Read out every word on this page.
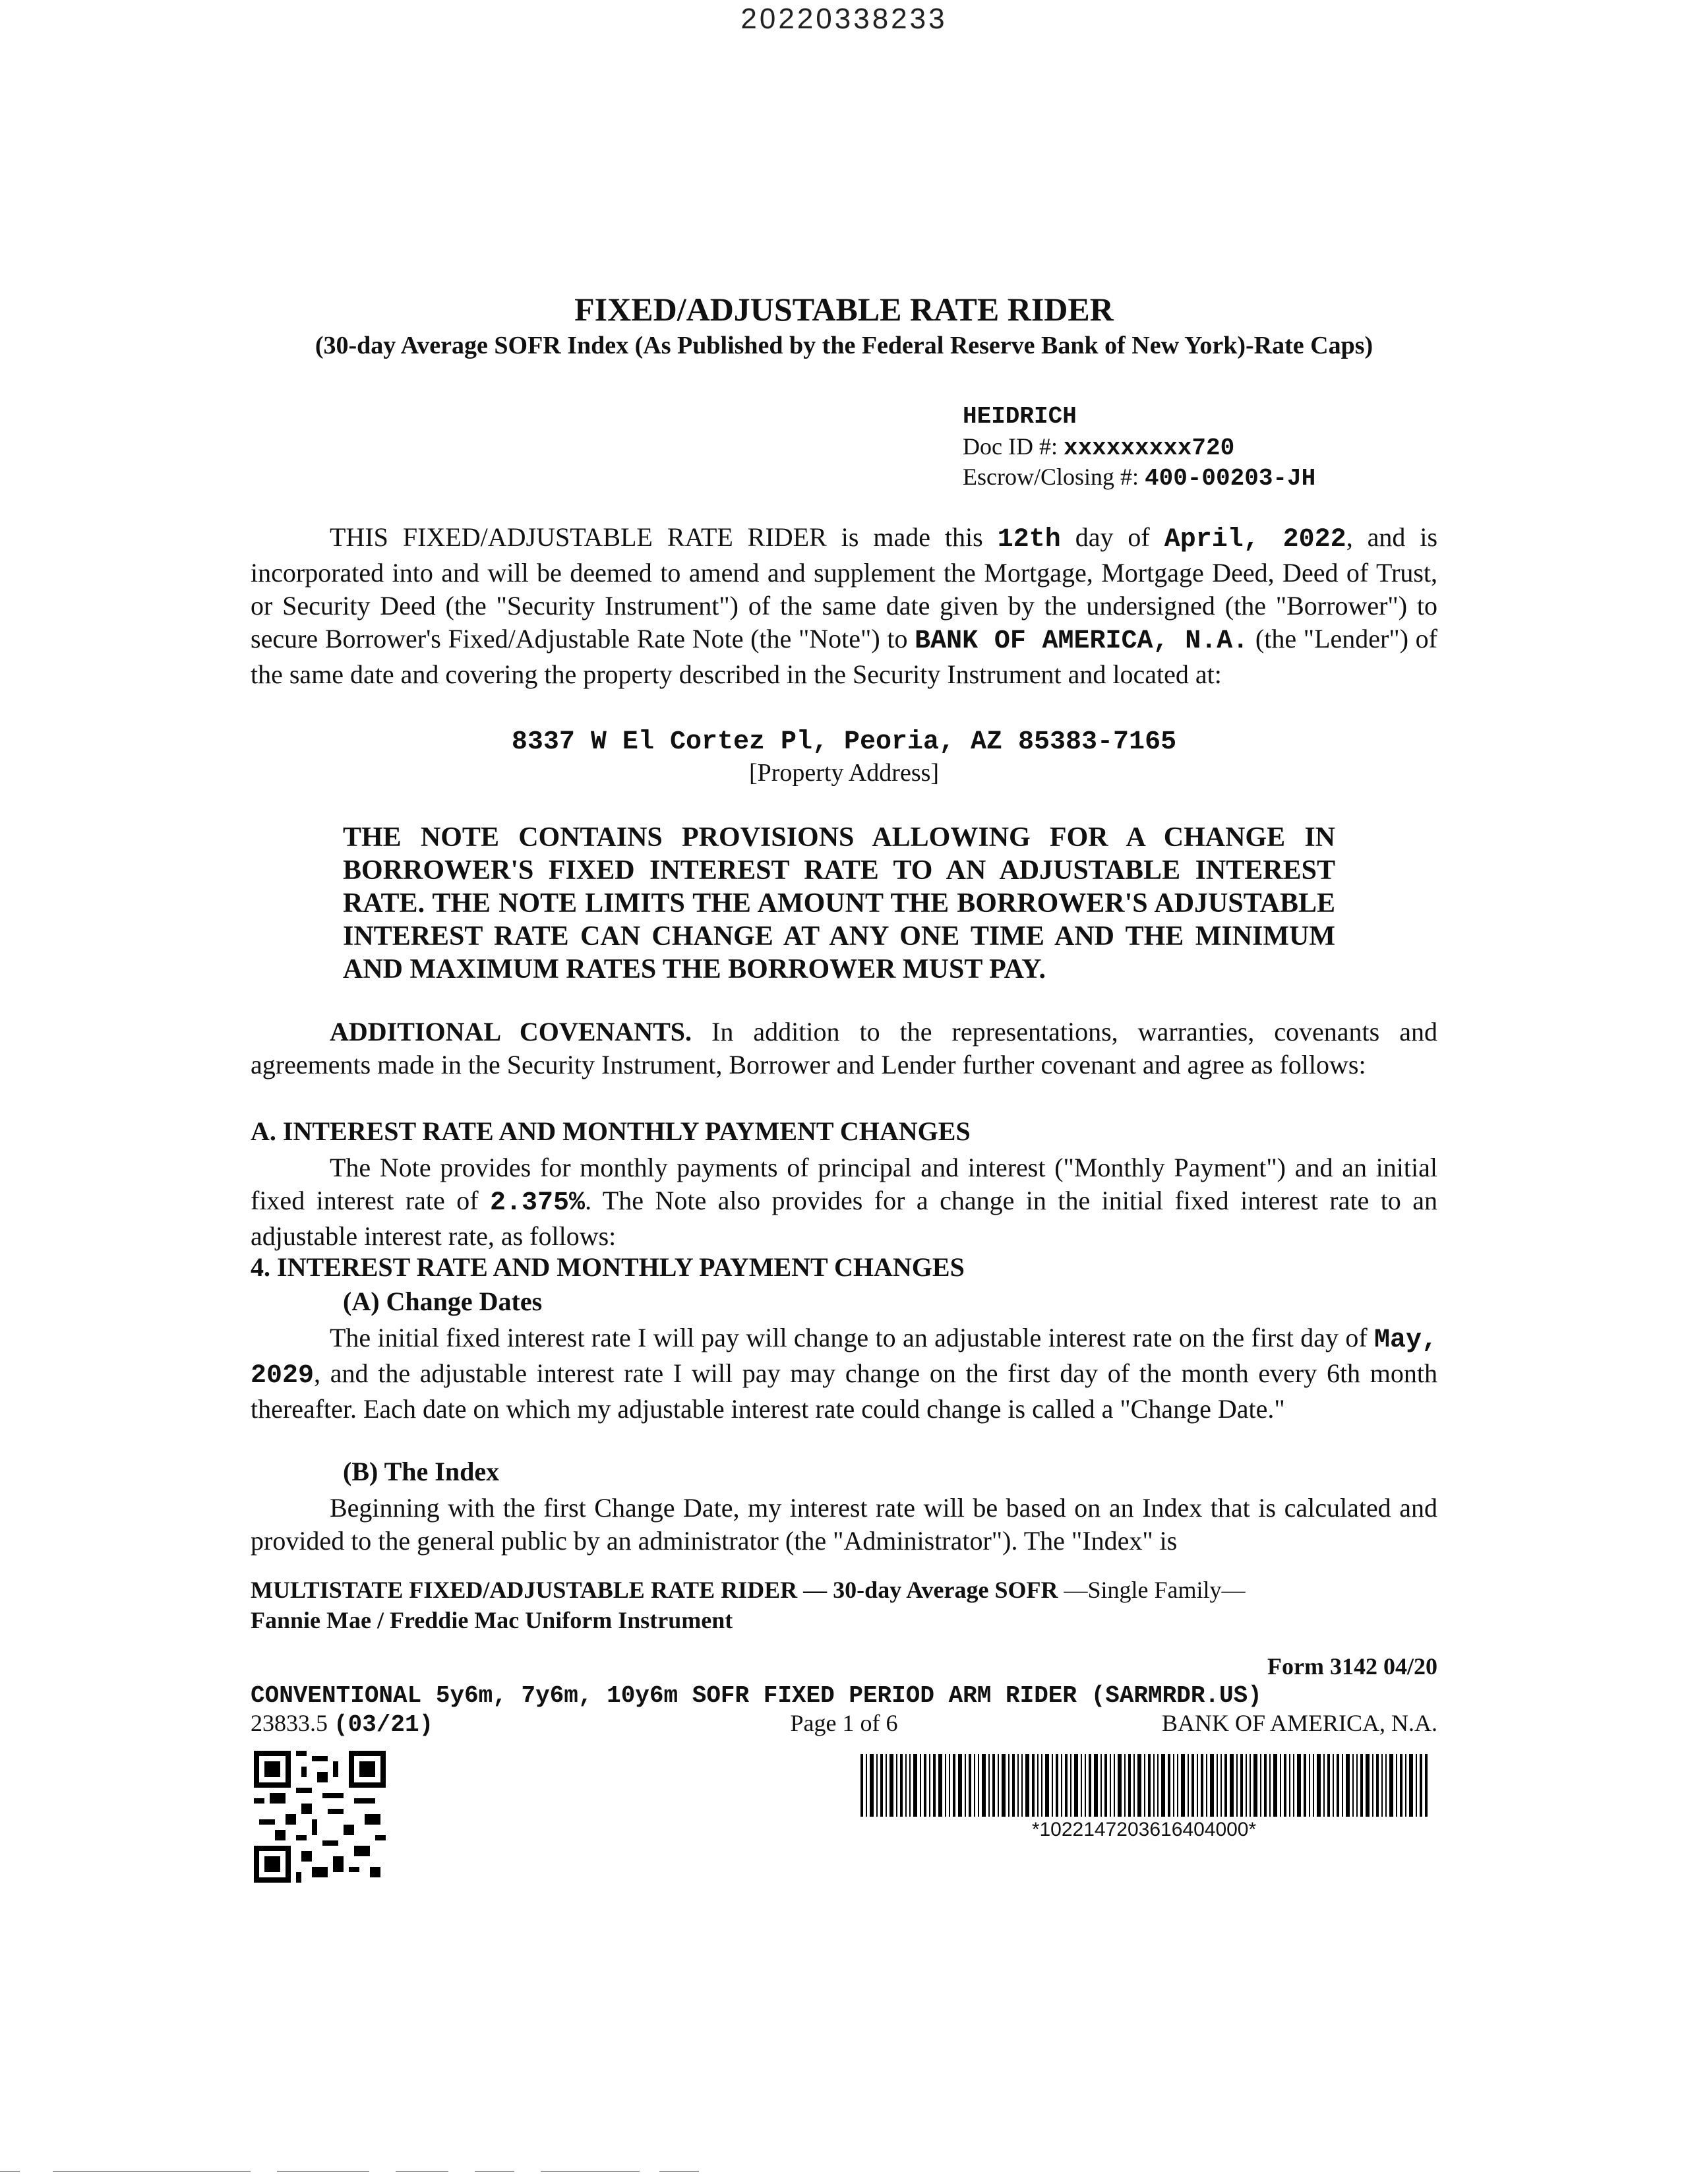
20220338233
FIXED/ADJUSTABLE RATE RIDER
(30-day Average SOFR Index (As Published by the Federal Reserve Bank of New York)-Rate Caps)
HEIDRICH
Doc ID #: xxxxxxxxx720
Escrow/Closing #: 400-00203-JH
THIS FIXED/ADJUSTABLE RATE RIDER is made this 12th day of April, 2022, and is incorporated into and will be deemed to amend and supplement the Mortgage, Mortgage Deed, Deed of Trust, or Security Deed (the "Security Instrument") of the same date given by the undersigned (the "Borrower") to secure Borrower's Fixed/Adjustable Rate Note (the "Note") to BANK OF AMERICA, N.A. (the "Lender") of the same date and covering the property described in the Security Instrument and located at:
8337 W El Cortez Pl, Peoria, AZ 85383-7165
[Property Address]
THE NOTE CONTAINS PROVISIONS ALLOWING FOR A CHANGE IN BORROWER'S FIXED INTEREST RATE TO AN ADJUSTABLE INTEREST RATE. THE NOTE LIMITS THE AMOUNT THE BORROWER'S ADJUSTABLE INTEREST RATE CAN CHANGE AT ANY ONE TIME AND THE MINIMUM AND MAXIMUM RATES THE BORROWER MUST PAY.
ADDITIONAL COVENANTS. In addition to the representations, warranties, covenants and agreements made in the Security Instrument, Borrower and Lender further covenant and agree as follows:
A. INTEREST RATE AND MONTHLY PAYMENT CHANGES
The Note provides for monthly payments of principal and interest ("Monthly Payment") and an initial fixed interest rate of 2.375%. The Note also provides for a change in the initial fixed interest rate to an adjustable interest rate, as follows:
4. INTEREST RATE AND MONTHLY PAYMENT CHANGES
(A) Change Dates
The initial fixed interest rate I will pay will change to an adjustable interest rate on the first day of May, 2029, and the adjustable interest rate I will pay may change on the first day of the month every 6th month thereafter. Each date on which my adjustable interest rate could change is called a "Change Date."
(B) The Index
Beginning with the first Change Date, my interest rate will be based on an Index that is calculated and provided to the general public by an administrator (the "Administrator"). The "Index" is
MULTISTATE FIXED/ADJUSTABLE RATE RIDER — 30-day Average SOFR —Single Family—
Fannie Mae / Freddie Mac Uniform Instrument
Form 3142 04/20
CONVENTIONAL 5y6m, 7y6m, 10y6m SOFR FIXED PERIOD ARM RIDER (SARMRDR.US)
23833.5 (03/21)	Page 1 of 6	BANK OF AMERICA, N.A.
*1022147203616404000*
